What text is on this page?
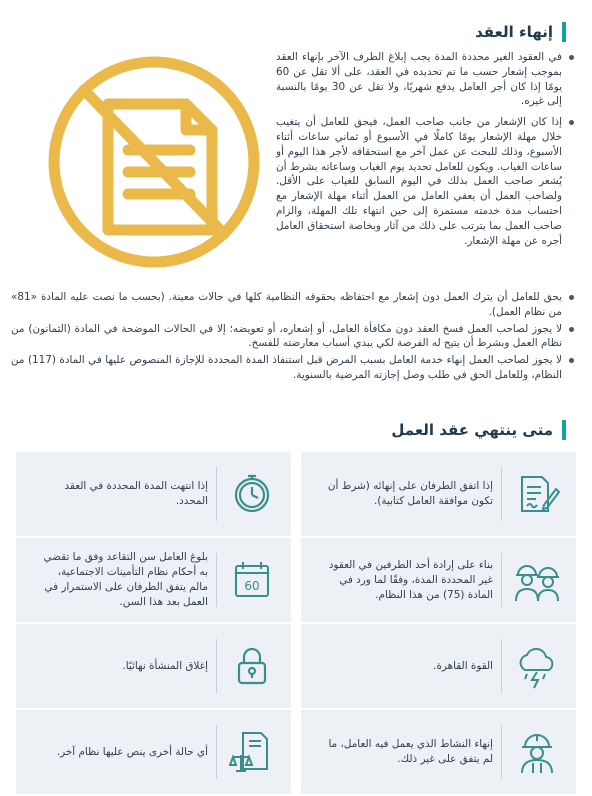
إنهاء العقد
في العقود الغير محددة المدة يجب إبلاغ الطرف الآخر بإنهاء العقد بموجب إشعار حسب ما تم تحديده في العقد، على ألا تقل عن 60 يومًا إذا كان أجر العامل يدفع شهريًا، ولا تقل عن 30 يومًا بالنسبة إلى غيره.
إذا كان الإشعار من جانب صاحب العمل، فيحق للعامل أن يتغيب خلال مهلة الإشعار يومًا كاملًا في الأسبوع أو ثماني ساعات أثناء الأسبوع، وذلك للبحث عن عمل آخر مع استحقاقه لأجر هذا اليوم أو ساعات الغياب. ويكون للعامل تحديد يوم الغياب وساعاته بشرط أن يُشعر صاحب العمل بذلك في اليوم السابق للغياب على الأقل. ولصاحب العمل أن يعفي العامل من العمل أثناء مهلة الإشعار مع احتساب مدة خدمته مستمرة إلى حين انتهاء تلك المهلة، والزام صاحب العمل بما يترتب على ذلك من آثار وبخاصة استحقاق العامل أجره عن مهلة الإشعار.
يحق للعامل أن يترك العمل دون إشعار مع احتفاظه بحقوقه النظامية كلها في حالات معينة. (بحسب ما نصت عليه المادة «81» من نظام العمل).
لا يجوز لصاحب العمل فسخ العقد دون مكافأة العامل، أو إشعاره، أو تعويضه؛ إلا في الحالات الموضحة في المادة (الثمانون) من نظام العمل وبشرط أن يتيح له الفرصة لكي يبدي أسباب معارضته للفسخ.
لا يجوز لصاحب العمل إنهاء خدمة العامل بسبب المرض قبل استنفاذ المدة المحددة للإجازة المنصوص عليها في المادة (117) من النظام، وللعامل الحق في طلب وصل إجازته المرضية بالسنوية.
متى ينتهي عقد العمل
إذا اتفق الطرفان على إنهائه (شرط أن تكون موافقة العامل كتابية).
إذا انتهت المدة المحددة في العقد المحدد.
بناء على إرادة أحد الطرفين في العقود غير المحددة المدة، وفقًا لما ورد في المادة (75) من هذا النظام.
60
بلوغ العامل سن التقاعد وفق ما تقضي به أحكام نظام التأمينات الاجتماعية، مالم يتفق الطرفان على الاستمرار في العمل بعد هذا السن.
القوة القاهرة.
إغلاق المنشأة نهائيًا.
إنهاء النشاط الذي يعمل فيه العامل، ما لم يتفق على غير ذلك.
أي حالة أخرى ينص عليها نظام آخر.
